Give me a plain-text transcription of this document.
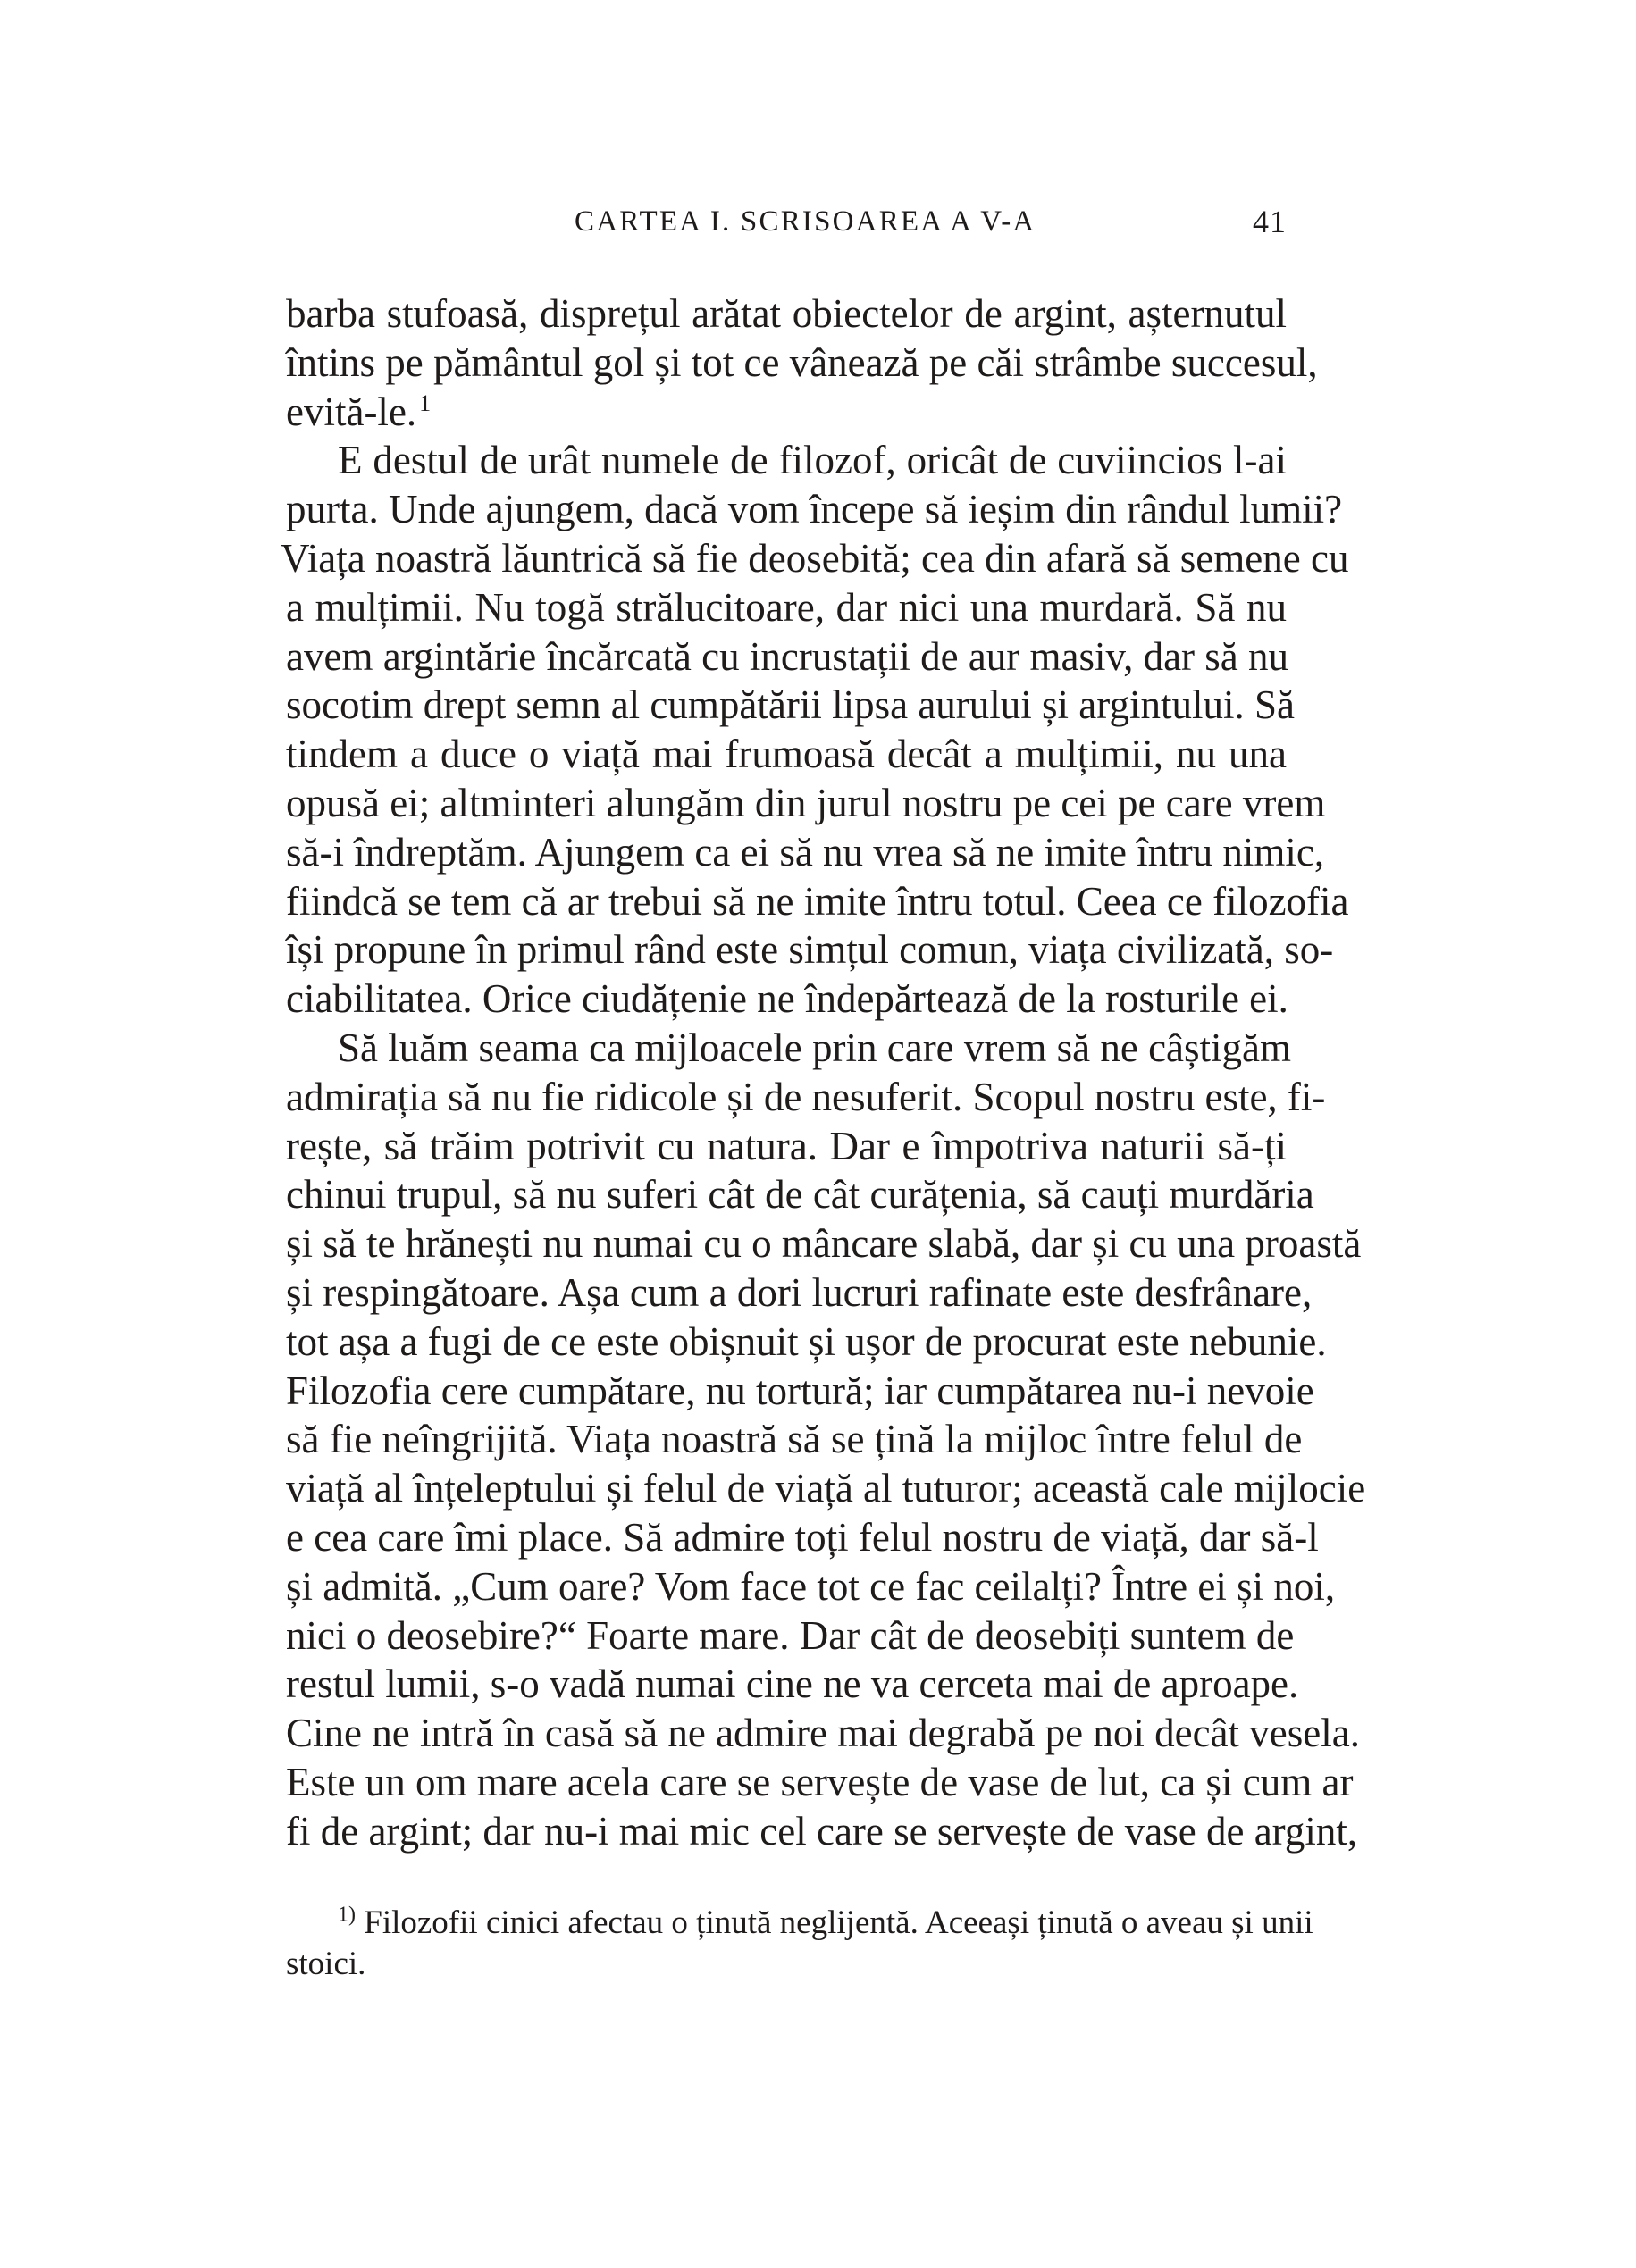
CARTEA I. SCRISOAREA A V-A	41
barba stufoasă, disprețul arătat obiectelor de argint, așternutul
întins pe pământul gol și tot ce vânează pe căi strâmbe succesul,
evită-le. $^1$
E destul de urât numele de filozof, oricât de cuviincios l-ai
purta. Unde ajungem, dacă vom începe să ieșim din rândul lumii?
Viața noastră lăuntrică să fie deosebită; cea din afară să semene cu
a mulțimii. Nu togă strălucitoare, dar nici una murdară. Să nu
avem argintărie încărcată cu incrustații de aur masiv, dar să nu
socotim drept semn al cumpătării lipsa aurului și argintului. Să
tindem a duce o viață mai frumoasă decât a mulțimii, nu una
opusă ei; altminteri alungăm din jurul nostru pe cei pe care vrem
să-i îndreptăm. Ajungem ca ei să nu vrea să ne imite întru nimic,
fiindcă se tem că ar trebui să ne imite întru totul. Ceea ce filozofia
își propune în primul rând este simțul comun, viața civilizată, so-
ciabilitatea. Orice ciudățenie ne îndepărtează de la rosturile ei.
Să luăm seama ca mijloacele prin care vrem să ne câștigăm
admirația să nu fie ridicole și de nesuferit. Scopul nostru este, fi-
rește, să trăim potrivit cu natura. Dar e împotriva naturii să-ți
chinui trupul, să nu suferi cât de cât curățenia, să cauți murdăria
și să te hrănești nu numai cu o mâncare slabă, dar și cu una proastă
și respingătoare. Așa cum a dori lucruri rafinate este desfrânare,
tot așa a fugi de ce este obișnuit și ușor de procurat este nebunie.
Filozofia cere cumpătare, nu tortură; iar cumpătarea nu-i nevoie
să fie neîngrijită. Viața noastră să se țină la mijloc între felul de
viață al înțeleptului și felul de viață al tuturor; această cale mijlocie
e cea care îmi place. Să admire toți felul nostru de viață, dar să-l
și admită. „Cum oare? Vom face tot ce fac ceilalți? Între ei și noi,
nici o deosebire?“ Foarte mare. Dar cât de deosebiți suntem de
restul lumii, s-o vadă numai cine ne va cerceta mai de aproape.
Cine ne intră în casă să ne admire mai degrabă pe noi decât vesela.
Este un om mare acela care se servește de vase de lut, ca și cum ar
fi de argint; dar nu-i mai mic cel care se servește de vase de argint,
$^{1)}$ Filozofii cinici afectau o ținută neglijentă. Aceeași ținută o aveau și unii
stoici.
